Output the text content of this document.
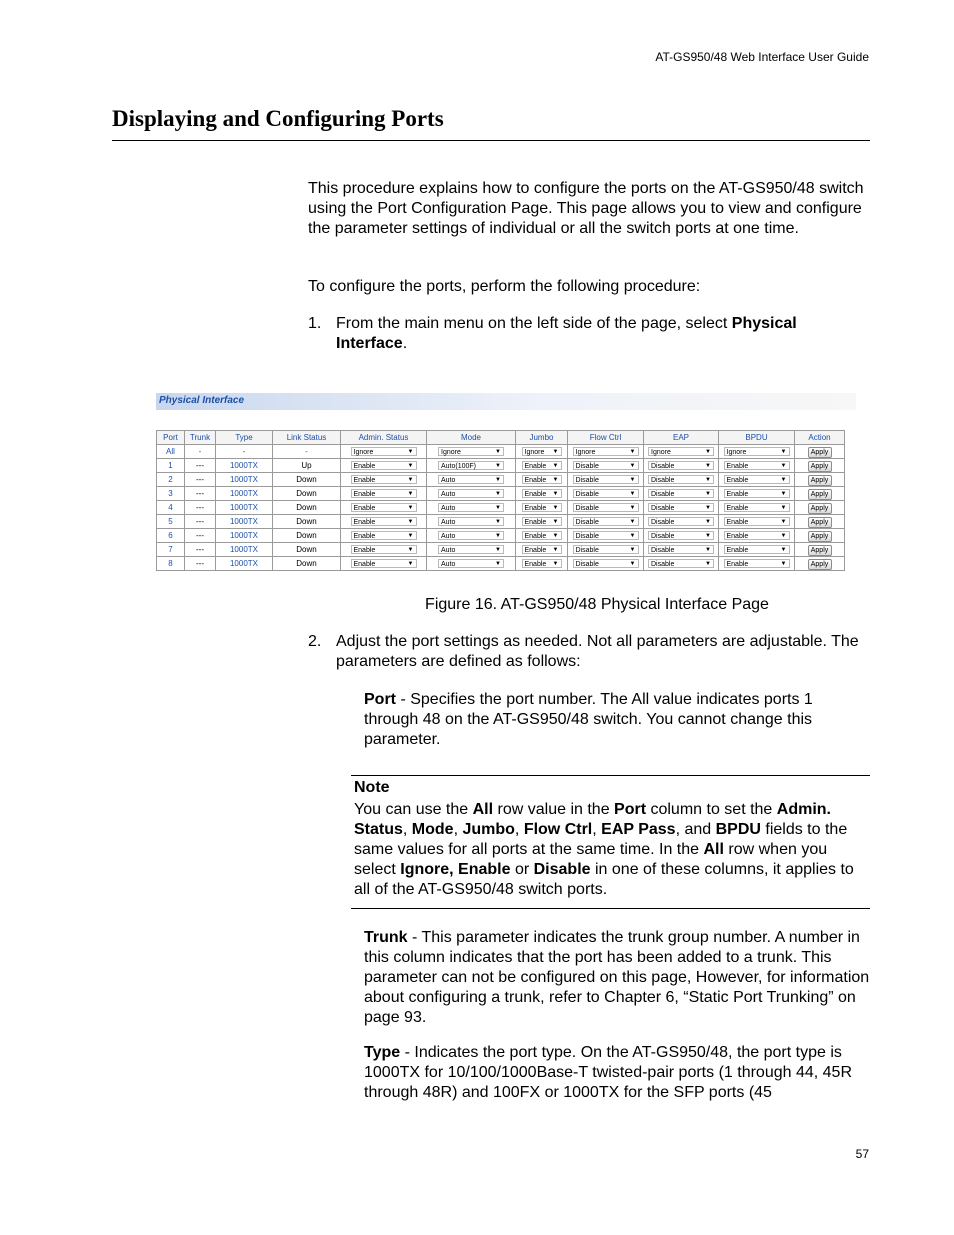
AT-GS950/48 Web Interface User Guide
Displaying and Configuring Ports

This procedure explains how to configure the ports on the AT-GS950/48 switch using the Port Configuration Page. This page allows you to view and configure the parameter settings of individual or all the switch ports at one time.

To configure the ports, perform the following procedure:

1. From the main menu on the left side of the page, select Physical Interface.
Physical Interface
Port	Trunk	Type	Link Status	Admin. Status	Mode	Jumbo	Flow Ctrl	EAP	BPDU	Action
All	-	-	-	Ignore ▼	Ignore ▼	Ignore ▼	Ignore ▼	Ignore ▼	Ignore ▼	Apply
1	---	1000TX	Up	Enable ▼	Auto(100F) ▼	Enable ▼	Disable ▼	Disable ▼	Enable ▼	Apply
2	---	1000TX	Down	Enable ▼	Auto ▼	Enable ▼	Disable ▼	Disable ▼	Enable ▼	Apply
3	---	1000TX	Down	Enable ▼	Auto ▼	Enable ▼	Disable ▼	Disable ▼	Enable ▼	Apply
4	---	1000TX	Down	Enable ▼	Auto ▼	Enable ▼	Disable ▼	Disable ▼	Enable ▼	Apply
5	---	1000TX	Down	Enable ▼	Auto ▼	Enable ▼	Disable ▼	Disable ▼	Enable ▼	Apply
6	---	1000TX	Down	Enable ▼	Auto ▼	Enable ▼	Disable ▼	Disable ▼	Enable ▼	Apply
7	---	1000TX	Down	Enable ▼	Auto ▼	Enable ▼	Disable ▼	Disable ▼	Enable ▼	Apply
8	---	1000TX	Down	Enable ▼	Auto ▼	Enable ▼	Disable ▼	Disable ▼	Enable ▼	Apply
Figure 16. AT-GS950/48 Physical Interface Page
2. Adjust the port settings as needed. Not all parameters are adjustable. The parameters are defined as follows:

Port - Specifies the port number. The All value indicates ports 1 through 48 on the AT-GS950/48 switch. You cannot change this parameter.

Note

You can use the All row value in the Port column to set the Admin. Status, Mode, Jumbo, Flow Ctrl, EAP Pass, and BPDU fields to the same values for all ports at the same time. In the All row when you select Ignore, Enable or Disable in one of these columns, it applies to all of the AT-GS950/48 switch ports.

Trunk - This parameter indicates the trunk group number. A number in this column indicates that the port has been added to a trunk. This parameter can not be configured on this page, However, for information about configuring a trunk, refer to Chapter 6, “Static Port Trunking” on page 93.

Type - Indicates the port type. On the AT-GS950/48, the port type is 1000TX for 10/100/1000Base-T twisted-pair ports (1 through 44, 45R through 48R) and 100FX or 1000TX for the SFP ports (45

57
